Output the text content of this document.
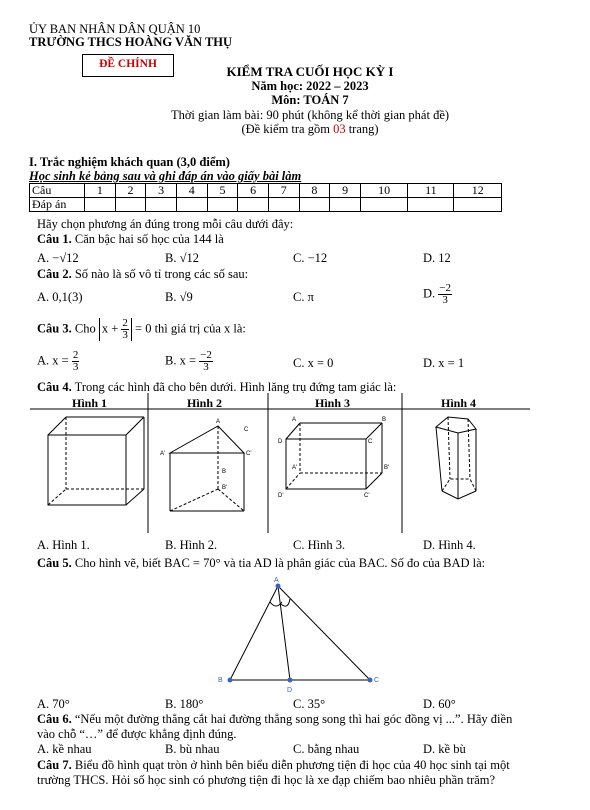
ỦY BAN NHÂN DÂN QUẬN 10
TRƯỜNG THCS HOÀNG VĂN THỤ
ĐỀ CHÍNH	KIỂM TRA CUỐI HỌC KỲ I
Năm học: 2022 – 2023
Môn: TOÁN 7
Thời gian làm bài: 90 phút (không kể thời gian phát đề)
(Đề kiểm tra gồm 03 trang)
I. Trắc nghiệm khách quan (3,0 điểm)
Học sinh kẻ bảng sau và ghi đáp án vào giấy bài làm
Câu	1	2	3	4	5	6	7	8	9	10	11	12
Đáp án												
Hãy chọn phương án đúng trong mỗi câu dưới đây:
Câu 1. Căn bậc hai số học của 144 là
A. −√12	B. √12	C. −12	D. 12
Câu 2. Số nào là số vô tỉ trong các số sau:
A. 0,1(3)	B. √9	C. π	D. $\frac{-2}{3}$
Câu 3. Cho $x + \frac{2}{3} = 0$ thì giá trị của x là:
A. $x = \frac{2}{3}$	B. $x = \frac{-2}{3}$	C. x = 0	D. x = 1
Câu 4. Trong các hình đã cho bên dưới. Hình lăng trụ đứng tam giác là:
A
A'
C
C'
B
B'
A	B
D	C
A'	B'
D'	C'
Hình 1	Hình 2	Hình 3	Hình 4
A. Hình 1.	B. Hình 2.	C. Hình 3.	D. Hình 4.
Câu 5. Cho hình vẽ, biết BAC = 70° và tia AD là phân giác của BAC. Số đo của BAD là:
A
B
D
C
A. 70°	B. 180°	C. 35°	D. 60°
Câu 6. “Nếu một đường thẳng cắt hai đường thẳng song song thì hai góc đồng vị ...”. Hãy điền
vào chỗ “…” để được khẳng định đúng.
A. kề nhau	B. bù nhau	C. bằng nhau	D. kề bù
Câu 7. Biểu đồ hình quạt tròn ở hình bên biểu diễn phương tiện đi học của 40 học sinh tại một
trường THCS. Hỏi số học sinh có phương tiện đi học là xe đạp chiếm bao nhiêu phần trăm?
